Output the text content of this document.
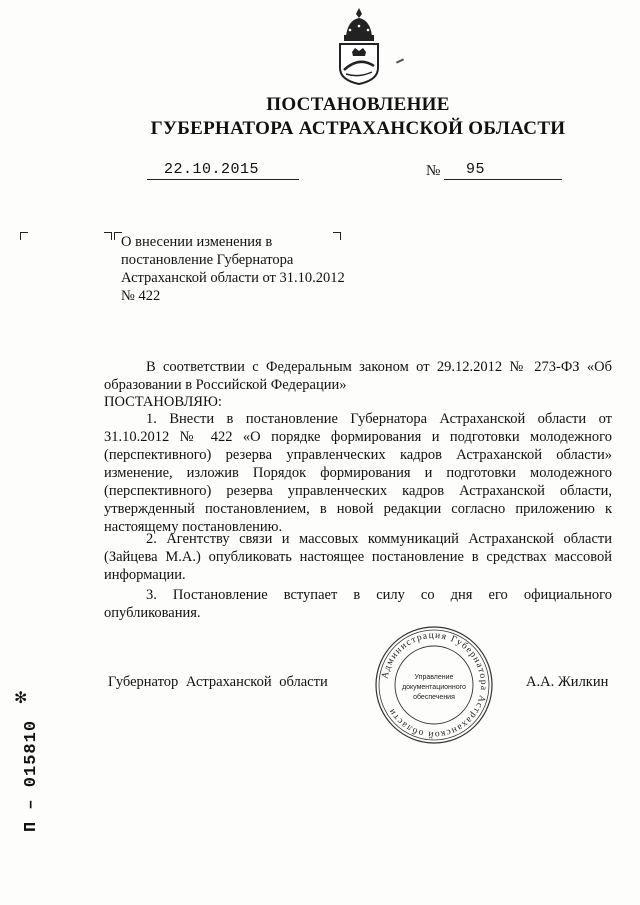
ПОСТАНОВЛЕНИЕ
ГУБЕРНАТОРА АСТРАХАНСКОЙ ОБЛАСТИ
22.10.2015	№ 95
О внесении изменения в постановление Губернатора Астраханской области от 31.10.2012 № 422

В соответствии с Федеральным законом от 29.12.2012 № 273-ФЗ «Об образовании в Российской Федерации»

ПОСТАНОВЛЯЮ:

1. Внести в постановление Губернатора Астраханской области от 31.10.2012 № 422 «О порядке формирования и подготовки молодежного (перспективного) резерва управленческих кадров Астраханской области» изменение, изложив Порядок формирования и подготовки молодежного (перспективного) резерва управленческих кадров Астраханской области, утвержденный постановлением, в новой редакции согласно приложению к настоящему постановлению.

2. Агентству связи и массовых коммуникаций Астраханской области (Зайцева М.А.) опубликовать настоящее постановление в средствах массовой информации.

3. Постановление вступает в силу со дня его официального опубликования.

Губернатор Астраханской области	А.А. Жилкин
Администрация Губернатора Астраханской области
Управление
документационного
обеспечения
✻
П – 015810
